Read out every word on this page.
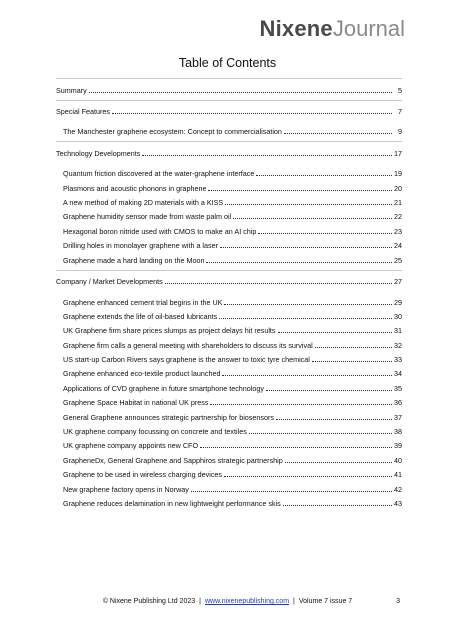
NixeneJournal
Table of Contents
Summary	5
Special Features	7
The Manchester graphene ecosystem: Concept to commercialisation	9
Technology Developments	17
Quantum friction discovered at the water-graphene interface	19
Plasmons and acoustic phonons in graphene	20
A new method of making 2D materials with a KISS	21
Graphene humidity sensor made from waste palm oil	22
Hexagonal boron nitride used with CMOS to make an AI chip	23
Drilling holes in monolayer graphene with a laser	24
Graphene made a hard landing on the Moon	25
Company / Market Developments	27
Graphene enhanced cement trial begins in the UK	29
Graphene extends the life of oil-based lubricants	30
UK Graphene firm share prices slumps as project delays hit results	31
Graphene firm calls a general meeting with shareholders to discuss its survival	32
US start-up Carbon Rivers says graphene is the answer to toxic tyre chemical	33
Graphene enhanced eco-textile product launched	34
Applications of CVD graphene in future smartphone technology	35
Graphene Space Habitat in national UK press	36
General Graphene announces strategic partnership for biosensors	37
UK graphene company focussing on concrete and textiles	38
UK graphene company appoints new CFO	39
GrapheneDx, General Graphene and Sapphiros strategic partnership	40
Graphene to be used in wireless charging devices	41
New graphene factory opens in Norway	42
Graphene reduces delamination in new lightweight performance skis	43
© Nixene Publishing Ltd 2023 | www.nixenepublishing.com | Volume 7 issue 7	3
